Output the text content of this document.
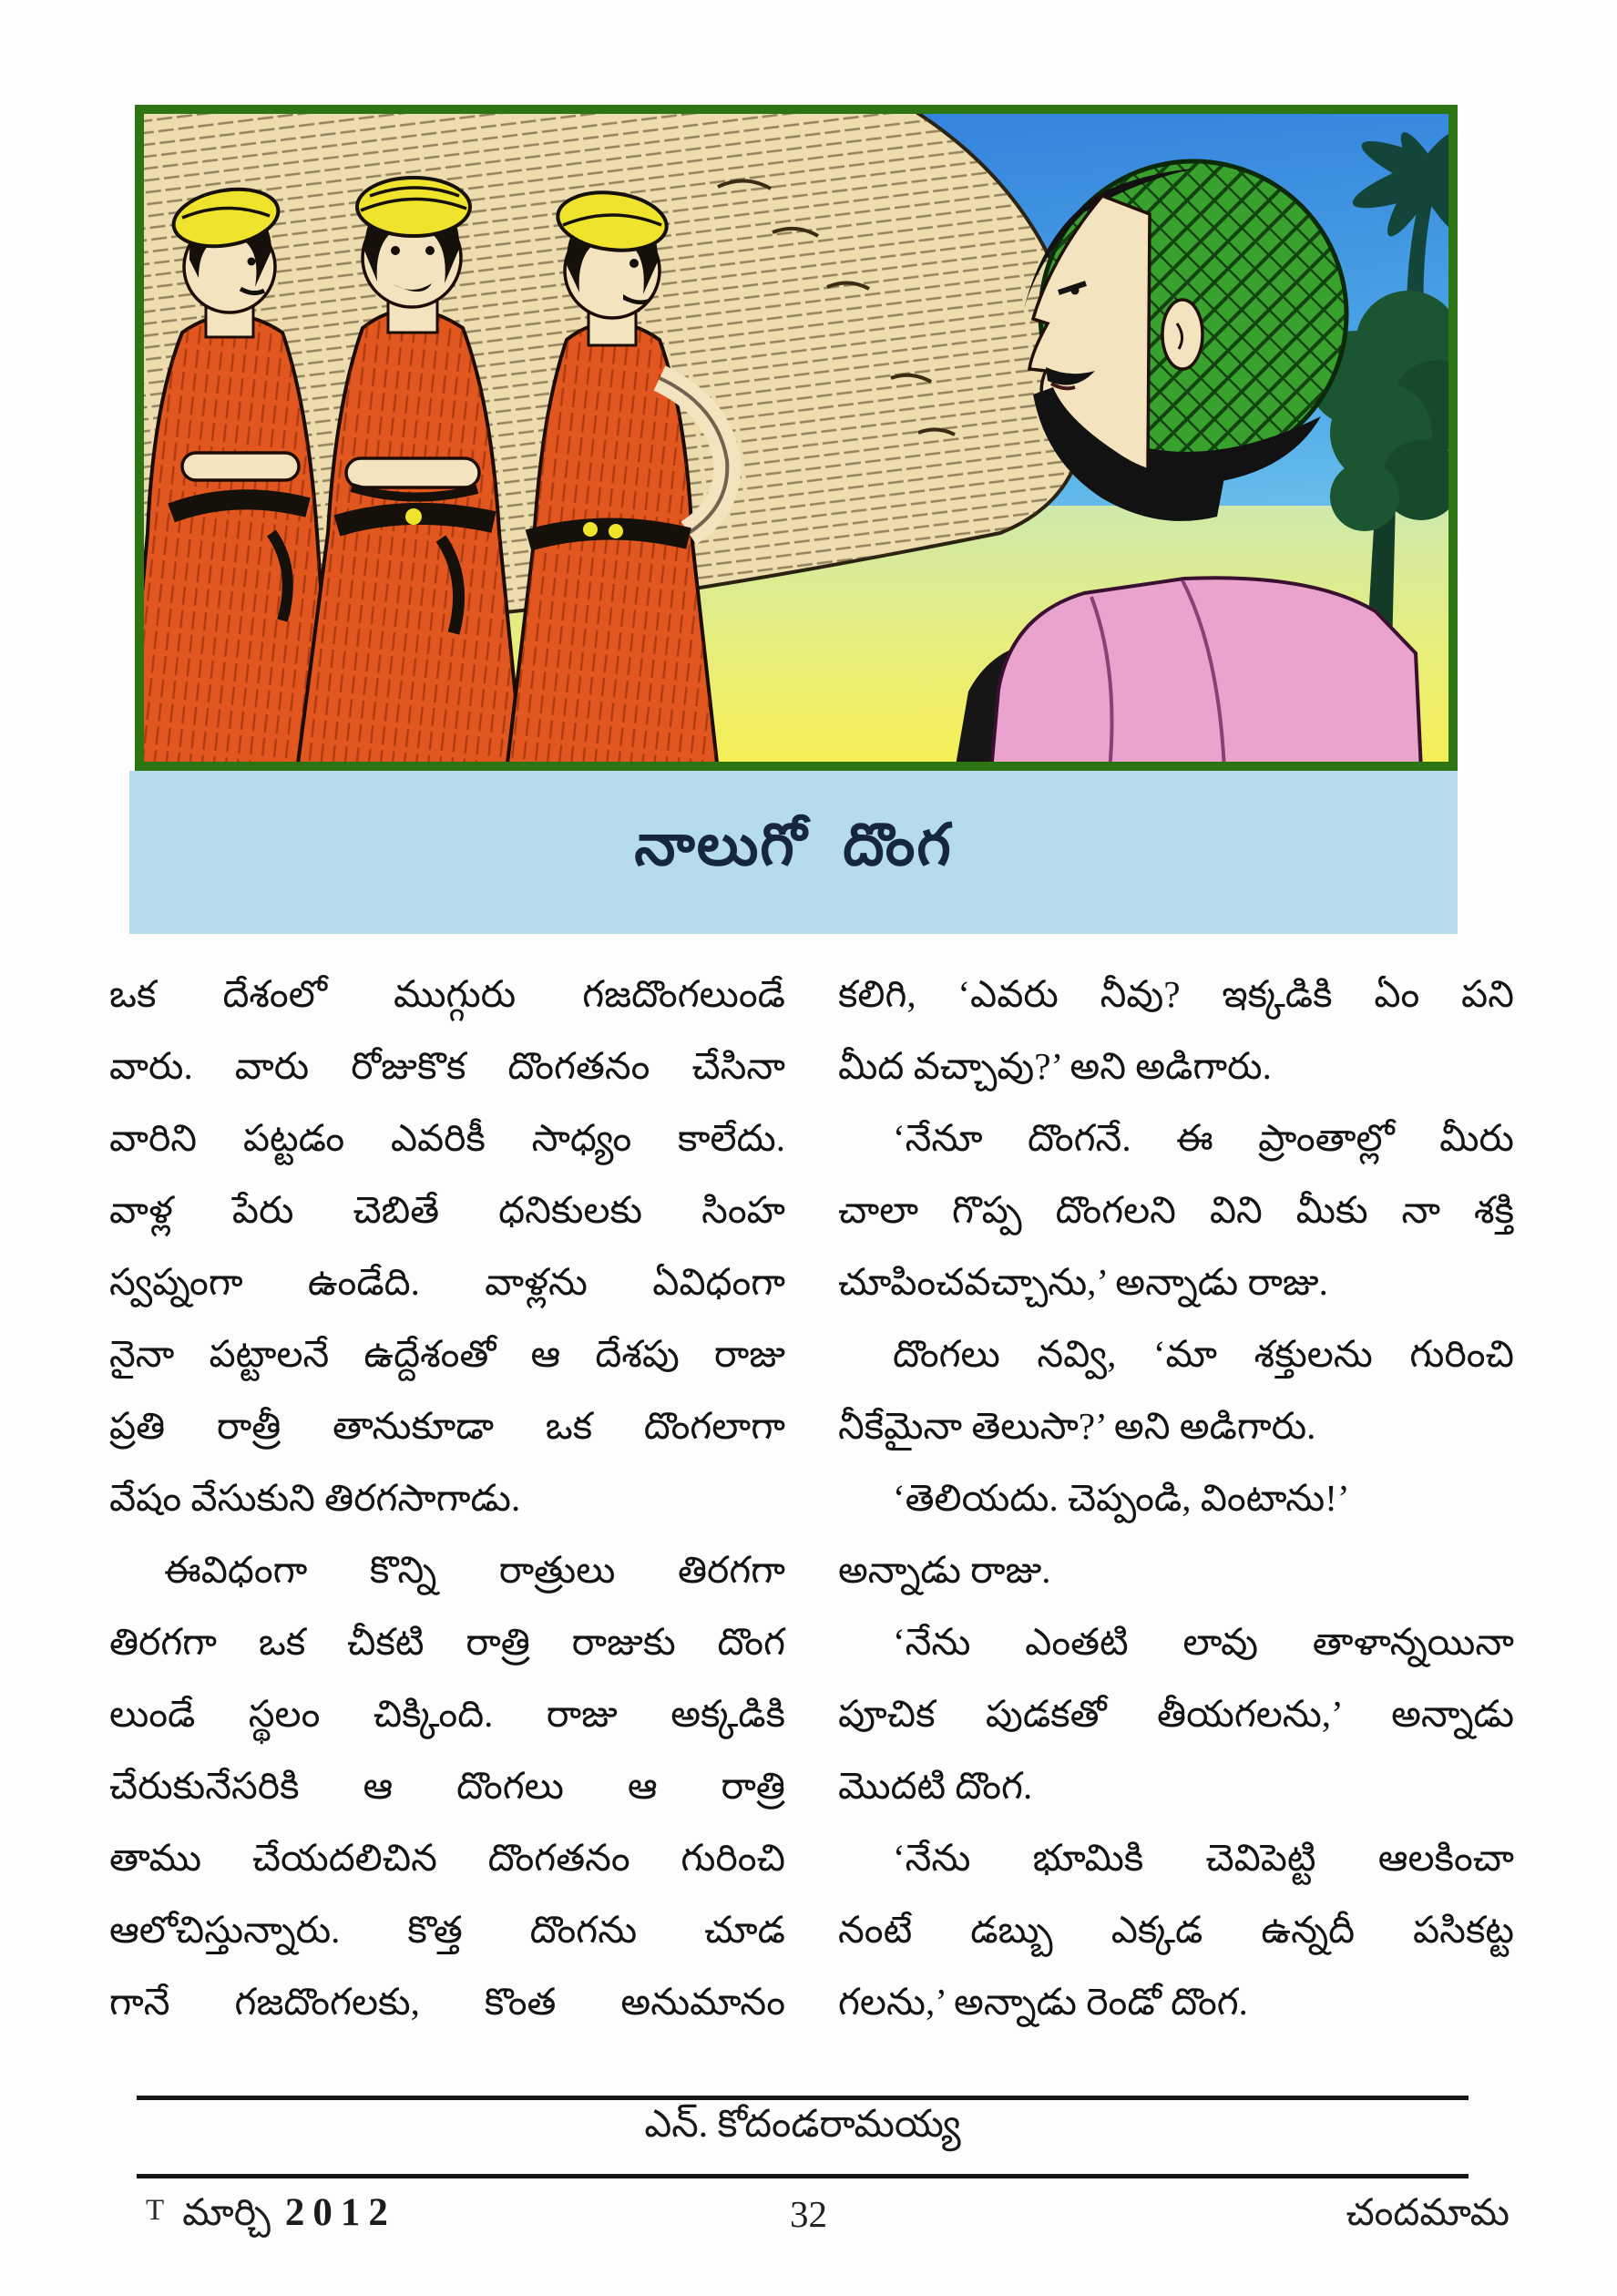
నాలుగో దొంగ
ఒక దేశంలో ముగ్గురు గజదొంగలుండే
వారు. వారు రోజుకొక దొంగతనం చేసినా
వారిని పట్టడం ఎవరికీ సాధ్యం కాలేదు.
వాళ్ల పేరు చెబితే ధనికులకు సింహ
స్వప్నంగా ఉండేది. వాళ్లను ఏవిధంగా
నైనా పట్టాలనే ఉద్దేశంతో ఆ దేశపు రాజు
ప్రతి రాత్రీ తానుకూడా ఒక దొంగలాగా
వేషం వేసుకుని తిరగసాగాడు.
ఈవిధంగా కొన్ని రాత్రులు తిరగగా
తిరగగా ఒక చీకటి రాత్రి రాజుకు దొంగ
లుండే స్థలం చిక్కింది. రాజు అక్కడికి
చేరుకునేసరికి ఆ దొంగలు ఆ రాత్రి
తాము చేయదలిచిన దొంగతనం గురించి
ఆలోచిస్తున్నారు. కొత్త దొంగను చూడ
గానే గజదొంగలకు, కొంత అనుమానం
కలిగి, ‘ఎవరు నీవు? ఇక్కడికి ఏం పని
మీద వచ్చావు?’ అని అడిగారు.
‘నేనూ దొంగనే. ఈ ప్రాంతాల్లో మీరు
చాలా గొప్ప దొంగలని విని మీకు నా శక్తి
చూపించవచ్చాను,’ అన్నాడు రాజు.
దొంగలు నవ్వి, ‘మా శక్తులను గురించి
నీకేమైనా తెలుసా?’ అని అడిగారు.
‘తెలియదు. చెప్పండి, వింటాను!’
అన్నాడు రాజు.
‘నేను ఎంతటి లావు తాళాన్నయినా
పూచిక పుడకతో తీయగలను,’ అన్నాడు
మొదటి దొంగ.
‘నేను భూమికి చెవిపెట్టి ఆలకించా
నంటే డబ్బు ఎక్కడ ఉన్నదీ పసికట్ట
గలను,’ అన్నాడు రెండో దొంగ.
ఎన్. కోదండరామయ్య
T మార్చి 2012	32	చందమామ
